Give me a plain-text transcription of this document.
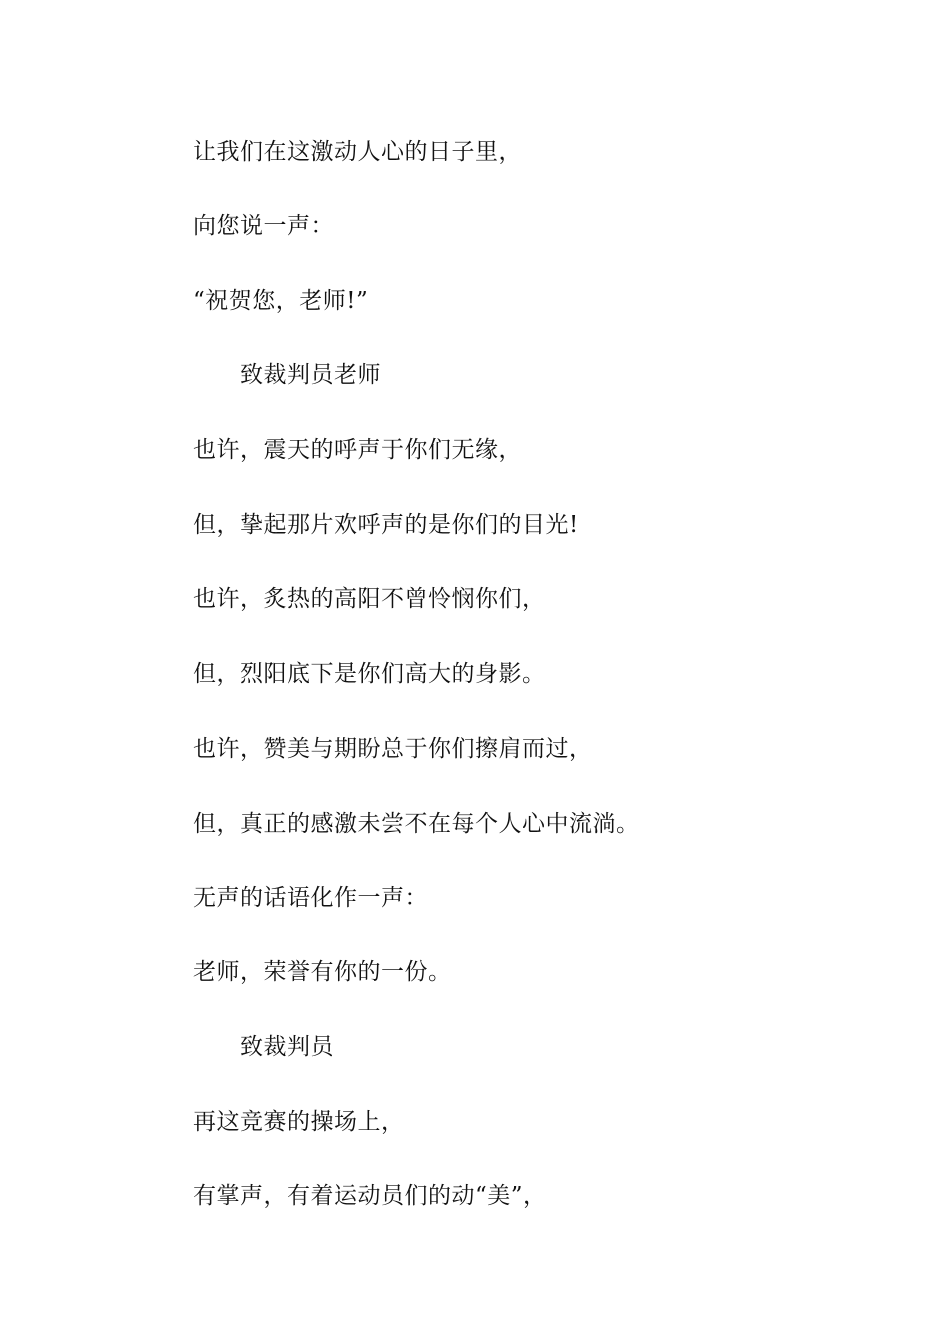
让我们在这激动人心的日子里，
向您说一声：
“祝贺您，老师!”
致裁判员老师
也许，震天的呼声于你们无缘，
但，挚起那片欢呼声的是你们的目光!
也许，炙热的高阳不曾怜悯你们，
但，烈阳底下是你们高大的身影。
也许，赞美与期盼总于你们擦肩而过，
但，真正的感激未尝不在每个人心中流淌。
无声的话语化作一声：
老师，荣誉有你的一份。
致裁判员
再这竞赛的操场上，
有掌声，有着运动员们的动“美”，
